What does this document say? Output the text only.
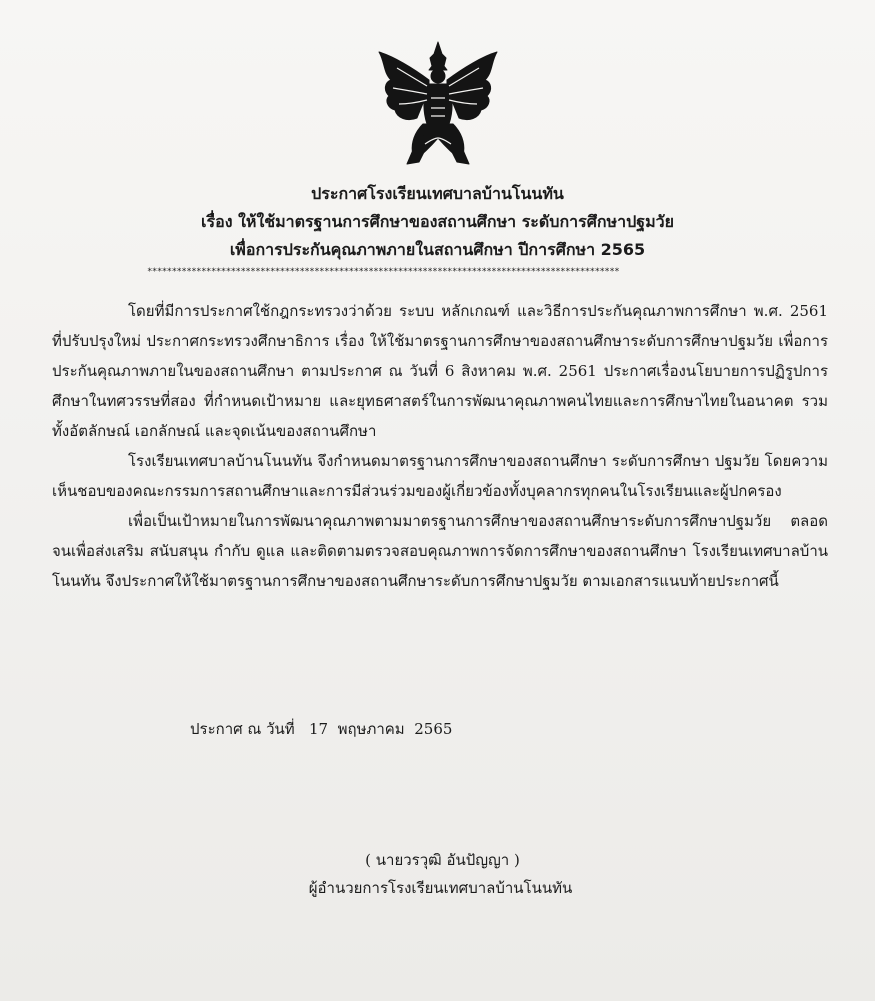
ประกาศโรงเรียนเทศบาลบ้านโนนทัน

เรื่อง ให้ใช้มาตรฐานการศึกษาของสถานศึกษา ระดับการศึกษาปฐมวัย

เพื่อการประกันคุณภาพภายในสถานศึกษา ปีการศึกษา 2565

************************************************************************************************

โดยที่มีการประกาศใช้กฎกระทรวงว่าด้วย ระบบ หลักเกณฑ์ และวิธีการประกันคุณภาพการศึกษา พ.ศ. 2561 ที่ปรับปรุงใหม่ ประกาศกระทรวงศึกษาธิการ เรื่อง ให้ใช้มาตรฐานการศึกษาของสถานศึกษาระดับการศึกษาปฐมวัย เพื่อการประกันคุณภาพภายในของสถานศึกษา ตามประกาศ ณ วันที่ 6 สิงหาคม พ.ศ. 2561 ประกาศเรื่องนโยบายการปฏิรูปการศึกษาในทศวรรษที่สอง ที่กำหนดเป้าหมาย และยุทธศาสตร์ในการพัฒนาคุณภาพคนไทยและการศึกษาไทยในอนาคต รวมทั้งอัตลักษณ์ เอกลักษณ์ และจุดเน้นของสถานศึกษา

โรงเรียนเทศบาลบ้านโนนทัน จึงกำหนดมาตรฐานการศึกษาของสถานศึกษา ระดับการศึกษา ปฐมวัย โดยความเห็นชอบของคณะกรรมการสถานศึกษาและการมีส่วนร่วมของผู้เกี่ยวข้องทั้งบุคลากรทุกคนในโรงเรียนและผู้ปกครอง

เพื่อเป็นเป้าหมายในการพัฒนาคุณภาพตามมาตรฐานการศึกษาของสถานศึกษาระดับการศึกษาปฐมวัย ตลอดจนเพื่อส่งเสริม สนับสนุน กำกับ ดูแล และติดตามตรวจสอบคุณภาพการจัดการศึกษาของสถานศึกษา โรงเรียนเทศบาลบ้านโนนทัน จึงประกาศให้ใช้มาตรฐานการศึกษาของสถานศึกษาระดับการศึกษาปฐมวัย ตามเอกสารแนบท้ายประกาศนี้

ประกาศ ณ วันที่   17  พฤษภาคม  2565
( นายวรวุฒิ อันปัญญา )
ผู้อำนวยการโรงเรียนเทศบาลบ้านโนนทัน
